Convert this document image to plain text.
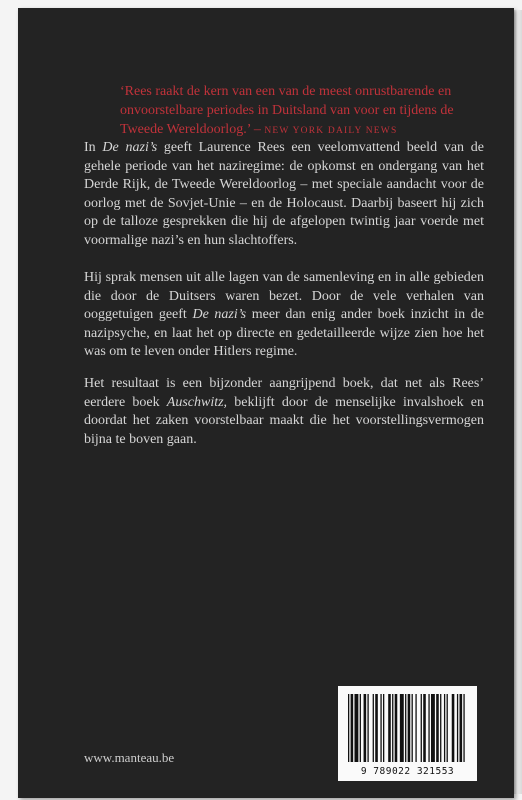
‘Rees raakt de kern van een van de meest onrustbarende en onvoorstelbare periodes in Duitsland van voor en tijdens de Tweede Wereldoorlog.’ – NEW YORK DAILY NEWS
In De nazi’s geeft Laurence Rees een veelomvattend beeld van de gehele periode van het naziregime: de opkomst en ondergang van het Derde Rijk, de Tweede Wereldoorlog – met speciale aandacht voor de oorlog met de Sovjet-Unie – en de Holocaust. Daarbij baseert hij zich op de talloze gesprekken die hij de afgelopen twintig jaar voerde met voormalige nazi’s en hun slachtoffers.
Hij sprak mensen uit alle lagen van de samenleving en in alle gebieden die door de Duitsers waren bezet. Door de vele verhalen van ooggetuigen geeft De nazi’s meer dan enig ander boek inzicht in de nazipsyche, en laat het op directe en gedetailleerde wijze zien hoe het was om te leven onder Hitlers regime.
Het resultaat is een bijzonder aangrijpend boek, dat net als Rees’ eerdere boek Auschwitz, beklijft door de menselijke invalshoek en doordat het zaken voorstelbaar maakt die het voorstellingsvermogen bijna te boven gaan.
www.manteau.be
9 789022 321553
